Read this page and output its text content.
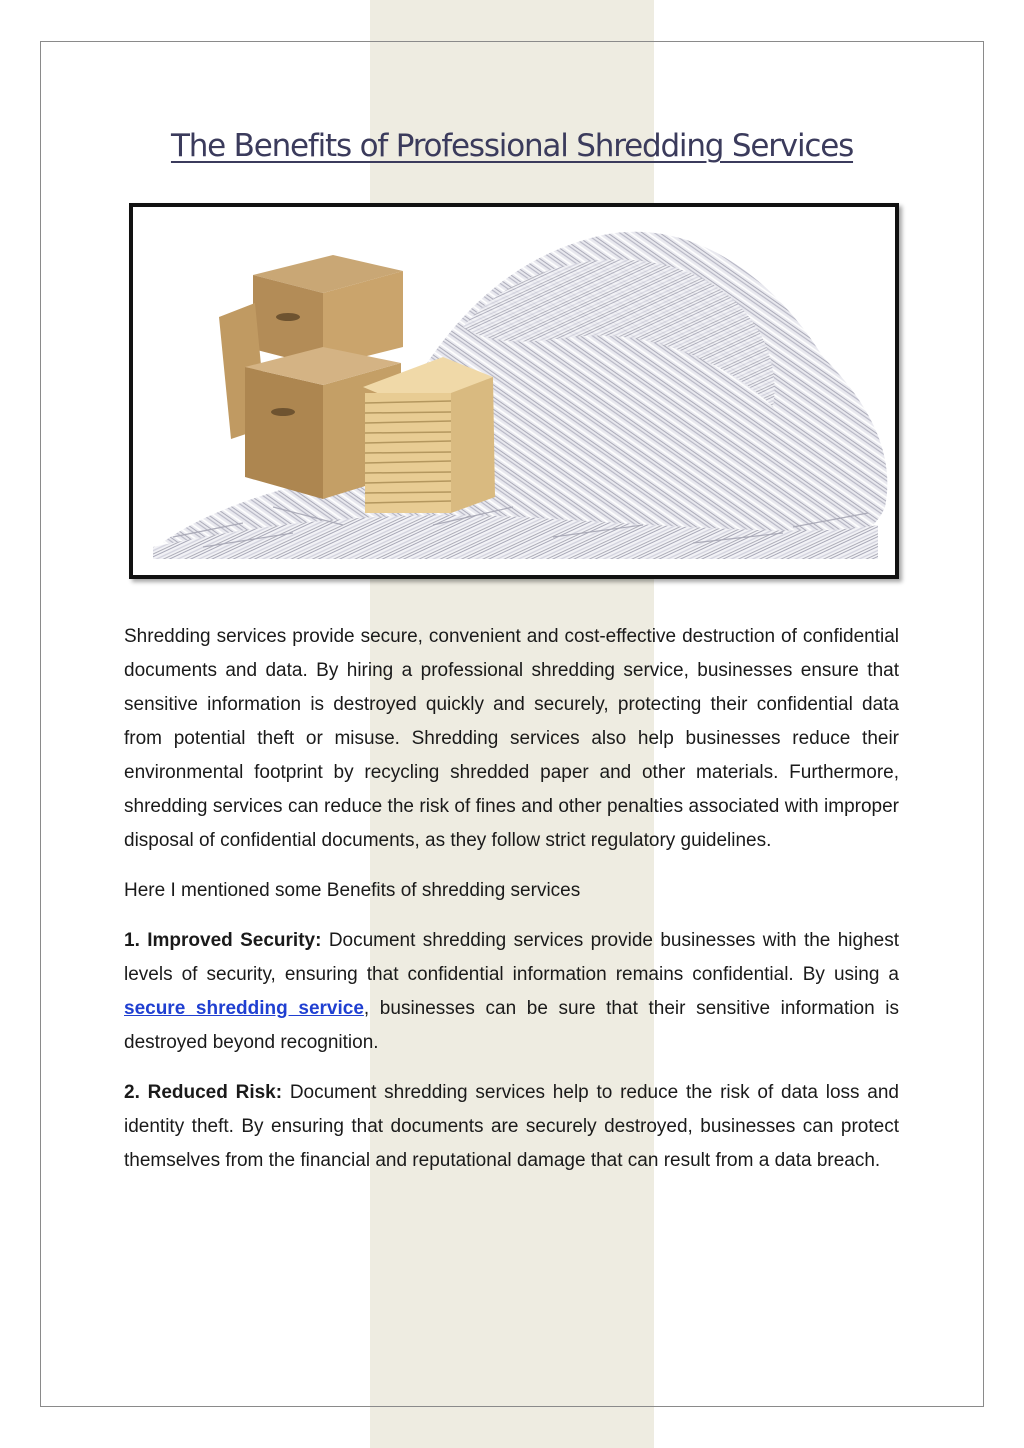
The Benefits of Professional Shredding Services

Shredding services provide secure, convenient and cost-effective destruction of confidential documents and data. By hiring a professional shredding service, businesses ensure that sensitive information is destroyed quickly and securely, protecting their confidential data from potential theft or misuse. Shredding services also help businesses reduce their environmental footprint by recycling shredded paper and other materials. Furthermore, shredding services can reduce the risk of fines and other penalties associated with improper disposal of confidential documents, as they follow strict regulatory guidelines.

Here I mentioned some Benefits of shredding services

1. Improved Security: Document shredding services provide businesses with the highest levels of security, ensuring that confidential information remains confidential. By using a secure shredding service, businesses can be sure that their sensitive information is destroyed beyond recognition.

2. Reduced Risk: Document shredding services help to reduce the risk of data loss and identity theft. By ensuring that documents are securely destroyed, businesses can protect themselves from the financial and reputational damage that can result from a data breach.
